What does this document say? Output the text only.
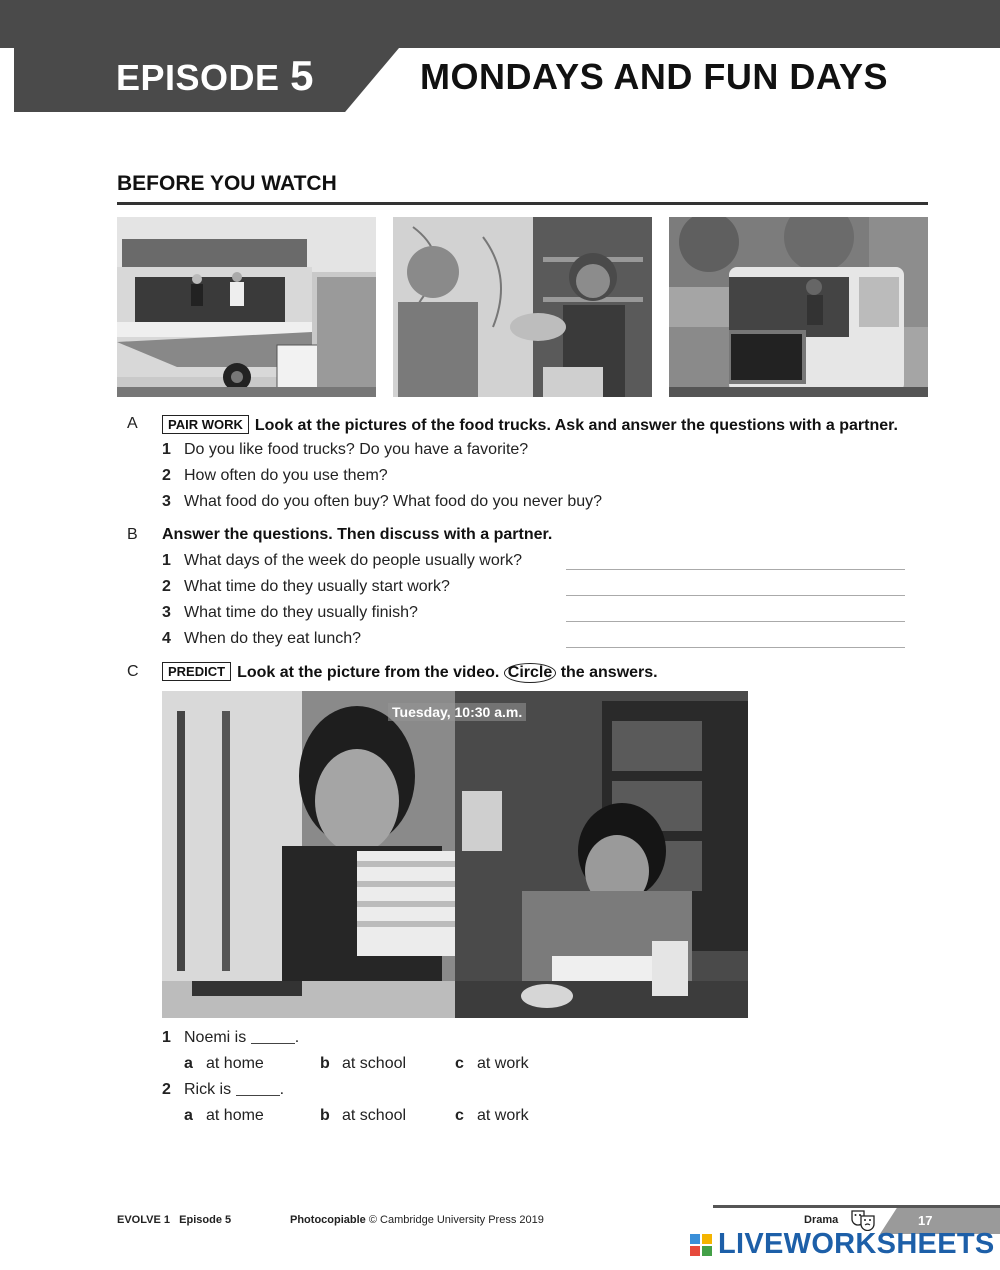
EPISODE 5	MONDAYS AND FUN DAYS
BEFORE YOU WATCH
A	PAIR WORK Look at the pictures of the food trucks. Ask and answer the questions with a partner.
1 Do you like food trucks? Do you have a favorite?
2 How often do you use them?
3 What food do you often buy? What food do you never buy?
B Answer the questions. Then discuss with a partner.
1 What days of the week do people usually work?
2 What time do they usually start work?
3 What time do they usually finish?
4 When do they eat lunch?
C	PREDICT Look at the picture from the video. Circle the answers.
Tuesday, 10:30 a.m.
1 Noemi is	.
a at home	b at school	c at work
2 Rick is	.
a at home	b at school	c at work
EVOLVE 1 Episode 5	Photocopiable © Cambridge University Press 2019	Drama	17
LIVEWORKSHEETS
